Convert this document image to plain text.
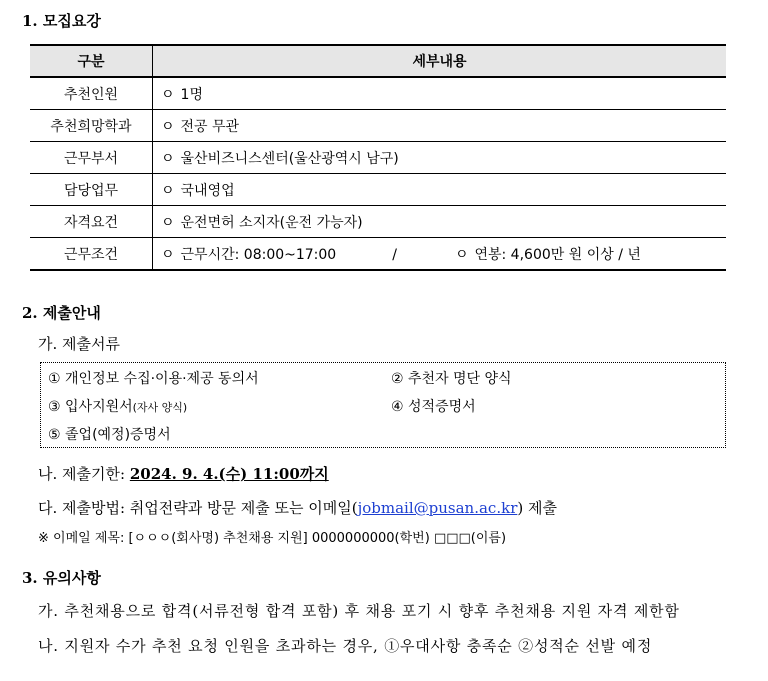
1. 모집요강
구분	세부내용
추천인원	ㅇ 1명
추천희망학과	ㅇ 전공 무관
근무부서	ㅇ 울산비즈니스센터(울산광역시 남구)
담당업무	ㅇ 국내영업
자격요건	ㅇ 운전면허 소지자(운전 가능자)
근무조건	ㅇ 근무시간: 08:00~17:00 / ㅇ 연봉: 4,600만 원 이상 / 년
2. 제출안내
가. 제출서류
① 개인정보 수집·이용·제공 동의서	② 추천자 명단 양식
③ 입사지원서(자사 양식)	④ 성적증명서
⑤ 졸업(예정)증명서
나. 제출기한: 2024. 9. 4.(수) 11:00까지
다. 제출방법: 취업전략과 방문 제출 또는 이메일(jobmail@pusan.ac.kr) 제출
※ 이메일 제목: [ㅇㅇㅇ(회사명) 추천채용 지원] 0000000000(학번) □□□(이름)
3. 유의사항
가. 추천채용으로 합격(서류전형 합격 포함) 후 채용 포기 시 향후 추천채용 지원 자격 제한함
나. 지원자 수가 추천 요청 인원을 초과하는 경우, ①우대사항 충족순 ②성적순 선발 예정
